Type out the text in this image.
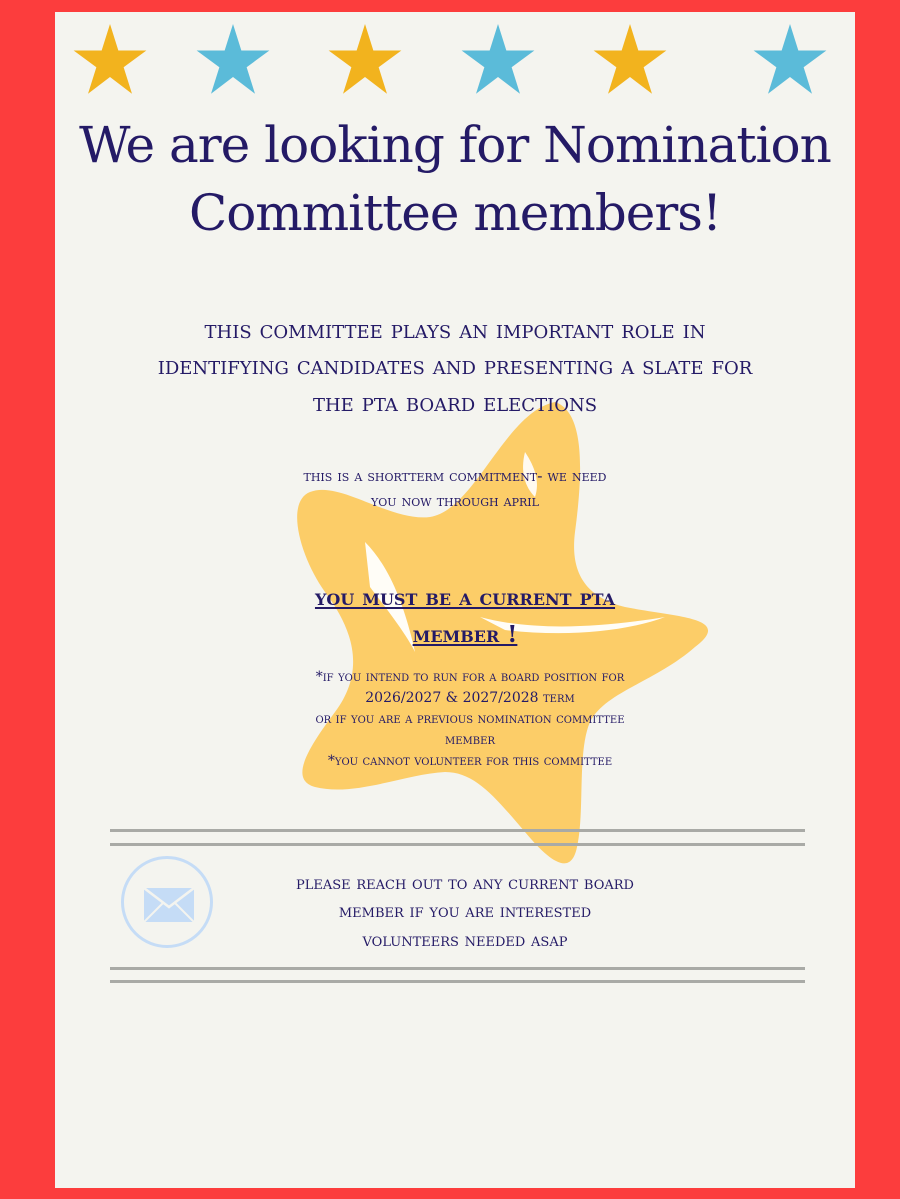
We are looking for Nomination Committee members!
this committee plays an important role in identifying candidates and presenting a slate for the pta board elections
this is a shortterm commitment- we need
you now through april
you must be a current pta
member !
*if you intend to run for a board position for
2026/2027 & 2027/2028 term
or if you are a previous nomination committee
member
*you cannot volunteer for this committee
please reach out to any current board
member if you are interested
volunteers needed asap
